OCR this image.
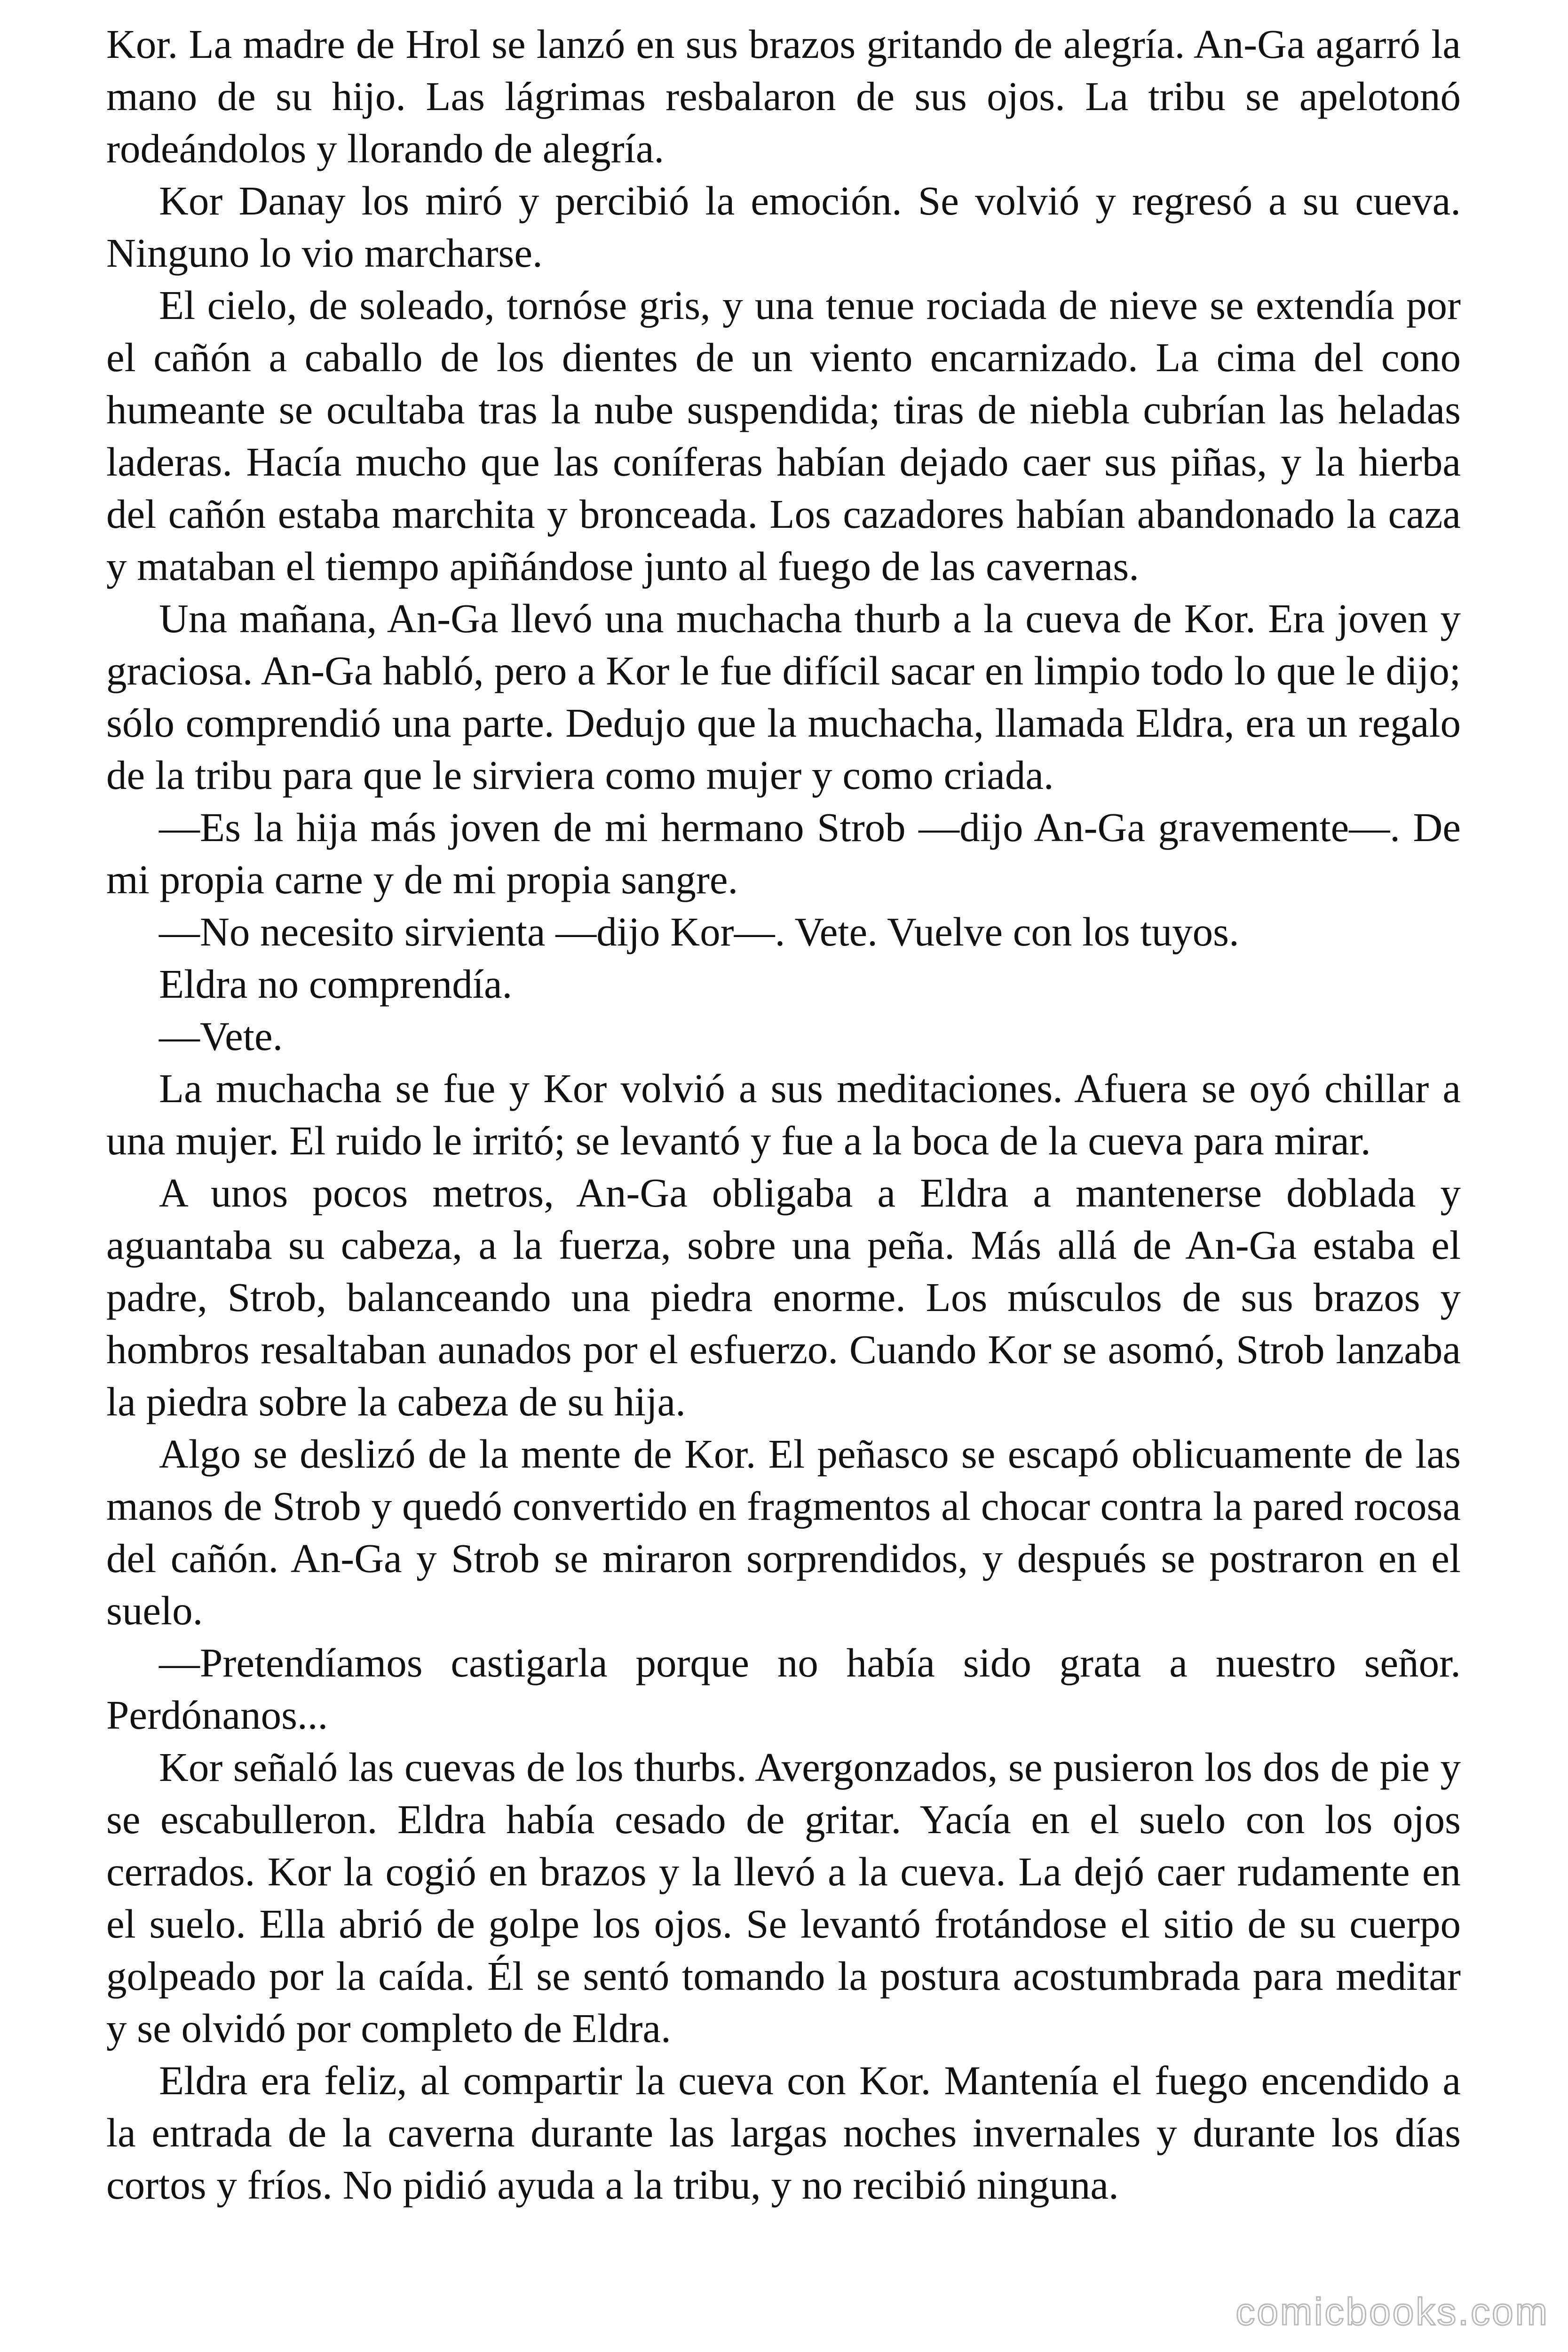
Kor. La madre de Hrol se lanzó en sus brazos gritando de alegría. An-Ga agarró la mano de su hijo. Las lágrimas resbalaron de sus ojos. La tribu se apelotonó rodeándolos y llorando de alegría.

Kor Danay los miró y percibió la emoción. Se volvió y regresó a su cueva. Ninguno lo vio marcharse.

El cielo, de soleado, tornóse gris, y una tenue rociada de nieve se extendía por el cañón a caballo de los dientes de un viento encarnizado. La cima del cono humeante se ocultaba tras la nube suspendida; tiras de niebla cubrían las heladas laderas. Hacía mucho que las coníferas habían dejado caer sus piñas, y la hierba del cañón estaba marchita y bronceada. Los cazadores habían abandonado la caza y mataban el tiempo apiñándose junto al fuego de las cavernas.

Una mañana, An-Ga llevó una muchacha thurb a la cueva de Kor. Era joven y graciosa. An-Ga habló, pero a Kor le fue difícil sacar en limpio todo lo que le dijo; sólo comprendió una parte. Dedujo que la muchacha, llamada Eldra, era un regalo de la tribu para que le sirviera como mujer y como criada.

—Es la hija más joven de mi hermano Strob —dijo An-Ga gravemente—. De mi propia carne y de mi propia sangre.

—No necesito sirvienta —dijo Kor—. Vete. Vuelve con los tuyos.

Eldra no comprendía.

—Vete.

La muchacha se fue y Kor volvió a sus meditaciones. Afuera se oyó chillar a una mujer. El ruido le irritó; se levantó y fue a la boca de la cueva para mirar.

A unos pocos metros, An-Ga obligaba a Eldra a mantenerse doblada y aguantaba su cabeza, a la fuerza, sobre una peña. Más allá de An-Ga estaba el padre, Strob, balanceando una piedra enorme. Los músculos de sus brazos y hombros resaltaban aunados por el esfuerzo. Cuando Kor se asomó, Strob lanzaba la piedra sobre la cabeza de su hija.

Algo se deslizó de la mente de Kor. El peñasco se escapó oblicuamente de las manos de Strob y quedó convertido en fragmentos al chocar contra la pared rocosa del cañón. An-Ga y Strob se miraron sorprendidos, y después se postraron en el suelo.

—Pretendíamos castigarla porque no había sido grata a nuestro señor. Perdónanos...

Kor señaló las cuevas de los thurbs. Avergonzados, se pusieron los dos de pie y se escabulleron. Eldra había cesado de gritar. Yacía en el suelo con los ojos cerrados. Kor la cogió en brazos y la llevó a la cueva. La dejó caer rudamente en el suelo. Ella abrió de golpe los ojos. Se levantó frotándose el sitio de su cuerpo golpeado por la caída. Él se sentó tomando la postura acostumbrada para meditar y se olvidó por completo de Eldra.

Eldra era feliz, al compartir la cueva con Kor. Mantenía el fuego encendido a la entrada de la caverna durante las largas noches invernales y durante los días cortos y fríos. No pidió ayuda a la tribu, y no recibió ninguna.

comicbooks.com
